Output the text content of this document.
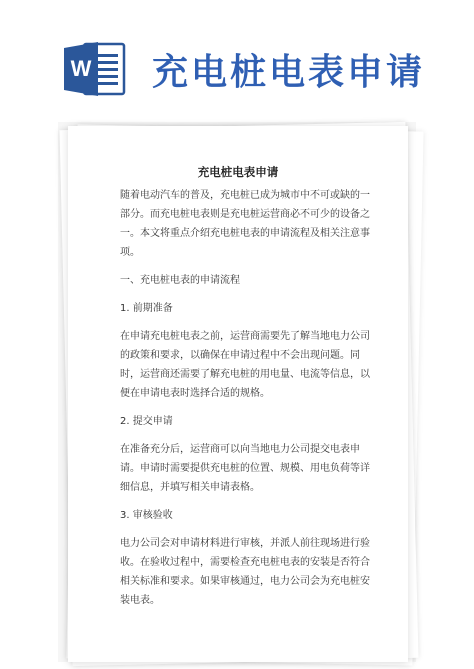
W 充电桩电表申请
充电桩电表申请

随着电动汽车的普及，充电桩已成为城市中不可或缺的一部分。而充电桩电表则是充电桩运营商必不可少的设备之一。本文将重点介绍充电桩电表的申请流程及相关注意事项。

一、充电桩电表的申请流程

1. 前期准备

在申请充电桩电表之前，运营商需要先了解当地电力公司的政策和要求，以确保在申请过程中不会出现问题。同时，运营商还需要了解充电桩的用电量、电流等信息，以便在申请电表时选择合适的规格。

2. 提交申请

在准备充分后，运营商可以向当地电力公司提交电表申请。申请时需要提供充电桩的位置、规模、用电负荷等详细信息，并填写相关申请表格。

3. 审核验收

电力公司会对申请材料进行审核，并派人前往现场进行验收。在验收过程中，需要检查充电桩电表的安装是否符合相关标准和要求。如果审核通过，电力公司会为充电桩安装电表。
